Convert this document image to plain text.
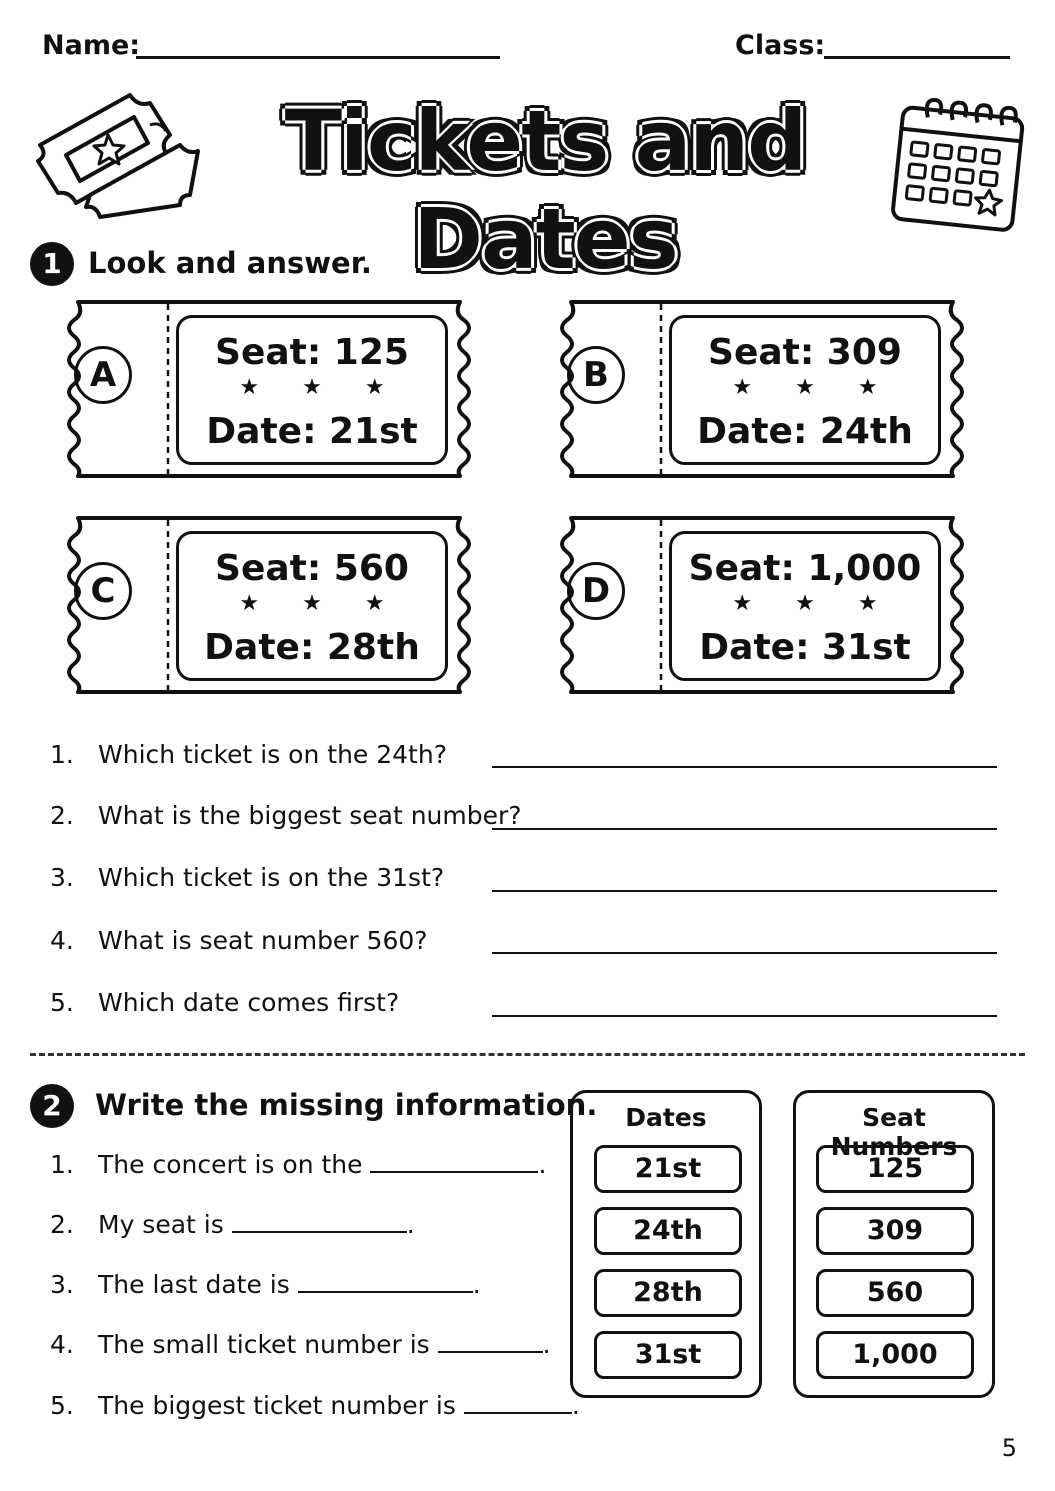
Name:	Class:
Tickets and Dates
1 Look and answer.
A
Seat: 125
★ ★ ★
Date: 21st
B
Seat: 309
★ ★ ★
Date: 24th
C
Seat: 560
★ ★ ★
Date: 28th
D
Seat: 1,000
★ ★ ★
Date: 31st
1. Which ticket is on the 24th?
2. What is the biggest seat number?
3. Which ticket is on the 31st?
4. What is seat number 560?
5. Which date comes first?
2	Write the missing information.
1. The concert is on the	.
2. My seat is	.
3. The last date is	.
4. The small ticket number is	.
5. The biggest ticket number is	.
Dates
21st
24th
28th
31st
Seat Numbers
125
309
560
1,000
5
